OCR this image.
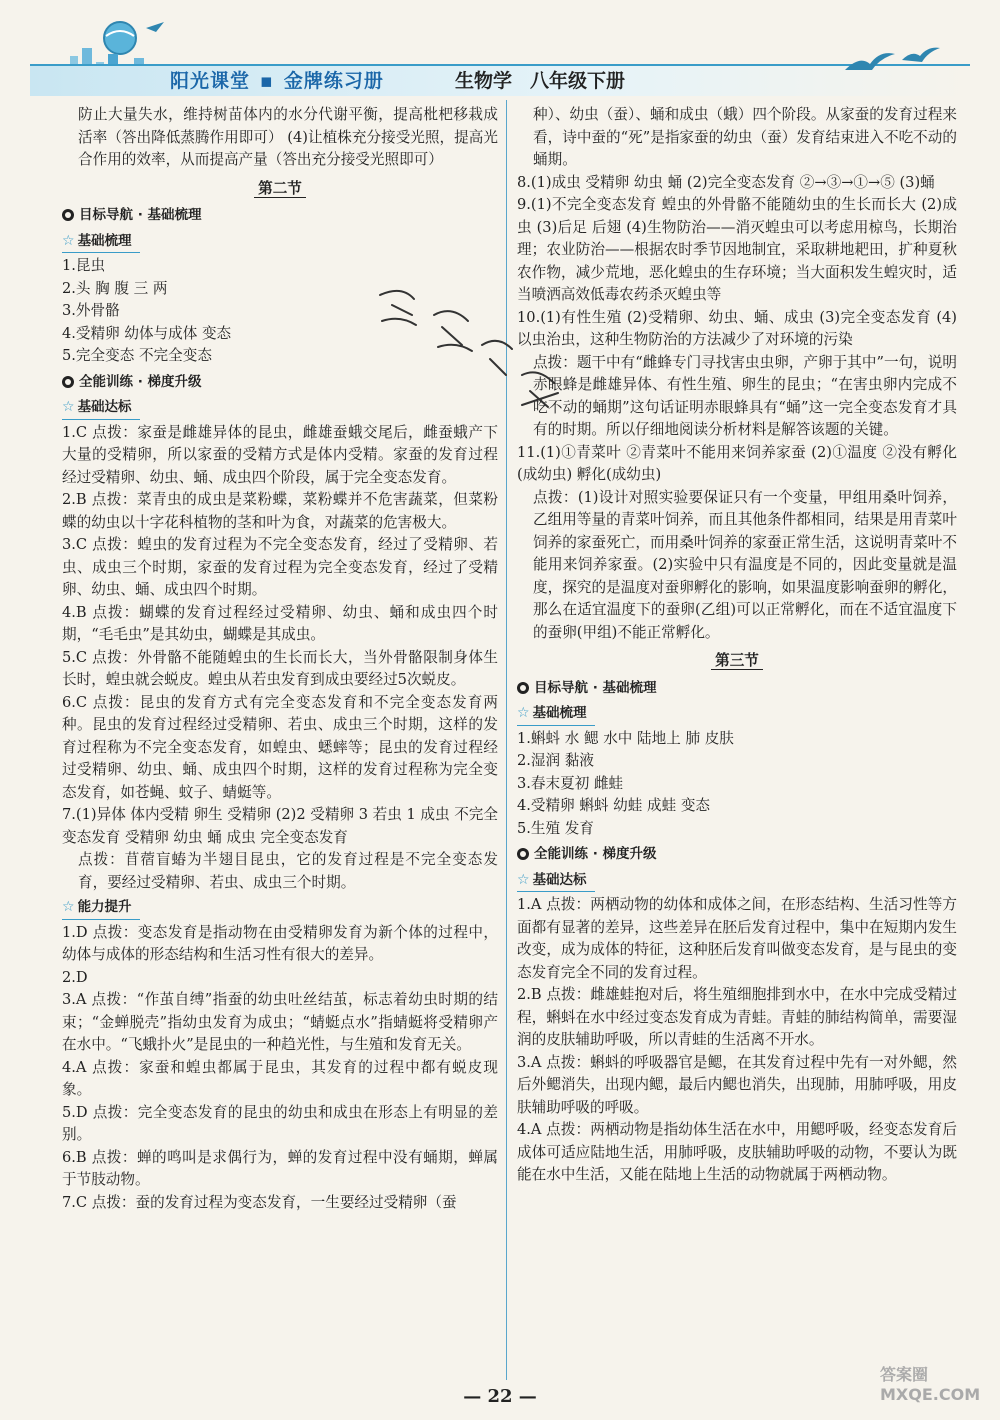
阳光课堂 ▪ 金牌练习册	生物学 八年级下册

防止大量失水，维持树苗体内的水分代谢平衡，提高枇杷移栽成活率（答出降低蒸腾作用即可） (4)让植株充分接受光照，提高光合作用的效率，从而提高产量（答出充分接受光照即可）

第二节
目标导航 · 基础梳理
☆ 基础梳理

1.昆虫

2.头 胸 腹 三 两

3.外骨骼

4.受精卵 幼体与成体 变态

5.完全变态 不完全变态

全能训练 · 梯度升级
☆ 基础达标

1.C 点拨：家蚕是雌雄异体的昆虫，雌雄蚕蛾交尾后，雌蚕蛾产下大量的受精卵，所以家蚕的受精方式是体内受精。家蚕的发育过程经过受精卵、幼虫、蛹、成虫四个阶段，属于完全变态发育。

2.B 点拨：菜青虫的成虫是菜粉蝶，菜粉蝶并不危害蔬菜，但菜粉蝶的幼虫以十字花科植物的茎和叶为食，对蔬菜的危害极大。

3.C 点拨：蝗虫的发育过程为不完全变态发育，经过了受精卵、若虫、成虫三个时期，家蚕的发育过程为完全变态发育，经过了受精卵、幼虫、蛹、成虫四个时期。

4.B 点拨：蝴蝶的发育过程经过受精卵、幼虫、蛹和成虫四个时期，“毛毛虫”是其幼虫，蝴蝶是其成虫。

5.C 点拨：外骨骼不能随蝗虫的生长而长大，当外骨骼限制身体生长时，蝗虫就会蜕皮。蝗虫从若虫发育到成虫要经过5次蜕皮。

6.C 点拨：昆虫的发育方式有完全变态发育和不完全变态发育两种。昆虫的发育过程经过受精卵、若虫、成虫三个时期，这样的发育过程称为不完全变态发育，如蝗虫、蟋蟀等；昆虫的发育过程经过受精卵、幼虫、蛹、成虫四个时期，这样的发育过程称为完全变态发育，如苍蝇、蚊子、蜻蜓等。

7.(1)异体 体内受精 卵生 受精卵 (2)2 受精卵 3 若虫 1 成虫 不完全变态发育 受精卵 幼虫 蛹 成虫 完全变态发育

点拨：苜蓿盲蝽为半翅目昆虫，它的发育过程是不完全变态发育，要经过受精卵、若虫、成虫三个时期。

☆ 能力提升

1.D 点拨：变态发育是指动物在由受精卵发育为新个体的过程中，幼体与成体的形态结构和生活习性有很大的差异。

2.D

3.A 点拨：“作茧自缚”指蚕的幼虫吐丝结茧，标志着幼虫时期的结束；“金蝉脱壳”指幼虫发育为成虫；“蜻蜓点水”指蜻蜓将受精卵产在水中。“飞蛾扑火”是昆虫的一种趋光性，与生殖和发育无关。

4.A 点拨：家蚕和蝗虫都属于昆虫，其发育的过程中都有蜕皮现象。

5.D 点拨：完全变态发育的昆虫的幼虫和成虫在形态上有明显的差别。

6.B 点拨：蝉的鸣叫是求偶行为，蝉的发育过程中没有蛹期，蝉属于节肢动物。

7.C 点拨：蚕的发育过程为变态发育，一生要经过受精卵（蚕

种）、幼虫（蚕）、蛹和成虫（蛾）四个阶段。从家蚕的发育过程来看，诗中蚕的“死”是指家蚕的幼虫（蚕）发育结束进入不吃不动的蛹期。

8.(1)成虫 受精卵 幼虫 蛹 (2)完全变态发育 ②→③→①→⑤ (3)蛹

9.(1)不完全变态发育 蝗虫的外骨骼不能随幼虫的生长而长大 (2)成虫 (3)后足 后翅 (4)生物防治——消灭蝗虫可以考虑用椋鸟，长期治理；农业防治——根据农时季节因地制宜，采取耕地耙田，扩种夏秋农作物，减少荒地，恶化蝗虫的生存环境；当大面积发生蝗灾时，适当喷洒高效低毒农药杀灭蝗虫等

10.(1)有性生殖 (2)受精卵、幼虫、蛹、成虫 (3)完全变态发育 (4)以虫治虫，这种生物防治的方法减少了对环境的污染

点拨：题干中有“雌蜂专门寻找害虫虫卵，产卵于其中”一句，说明赤眼蜂是雌雄异体、有性生殖、卵生的昆虫；“在害虫卵内完成不吃不动的蛹期”这句话证明赤眼蜂具有“蛹”这一完全变态发育才具有的时期。所以仔细地阅读分析材料是解答该题的关键。

11.(1)①青菜叶 ②青菜叶不能用来饲养家蚕 (2)①温度 ②没有孵化(成幼虫) 孵化(成幼虫)

点拨：(1)设计对照实验要保证只有一个变量，甲组用桑叶饲养，乙组用等量的青菜叶饲养，而且其他条件都相同，结果是用青菜叶饲养的家蚕死亡，而用桑叶饲养的家蚕正常生活，这说明青菜叶不能用来饲养家蚕。(2)实验中只有温度是不同的，因此变量就是温度，探究的是温度对蚕卵孵化的影响，如果温度影响蚕卵的孵化，那么在适宜温度下的蚕卵(乙组)可以正常孵化，而在不适宜温度下的蚕卵(甲组)不能正常孵化。

第三节
目标导航 · 基础梳理
☆ 基础梳理

1.蝌蚪 水 鳃 水中 陆地上 肺 皮肤

2.湿润 黏液

3.春末夏初 雌蛙

4.受精卵 蝌蚪 幼蛙 成蛙 变态

5.生殖 发育

全能训练 · 梯度升级
☆ 基础达标

1.A 点拨：两栖动物的幼体和成体之间，在形态结构、生活习性等方面都有显著的差异，这些差异在胚后发育过程中，集中在短期内发生改变，成为成体的特征，这种胚后发育叫做变态发育，是与昆虫的变态发育完全不同的发育过程。

2.B 点拨：雌雄蛙抱对后，将生殖细胞排到水中，在水中完成受精过程，蝌蚪在水中经过变态发育成为青蛙。青蛙的肺结构简单，需要湿润的皮肤辅助呼吸，所以青蛙的生活离不开水。

3.A 点拨：蝌蚪的呼吸器官是鳃，在其发育过程中先有一对外鳃，然后外鳃消失，出现内鳃，最后内鳃也消失，出现肺，用肺呼吸，用皮肤辅助呼吸的呼吸。

4.A 点拨：两栖动物是指幼体生活在水中，用鳃呼吸，经变态发育后成体可适应陆地生活，用肺呼吸，皮肤辅助呼吸的动物，不要认为既能在水中生活，又能在陆地上生活的动物就属于两栖动物。

— 22 —
答案圈 MXQE.COM
